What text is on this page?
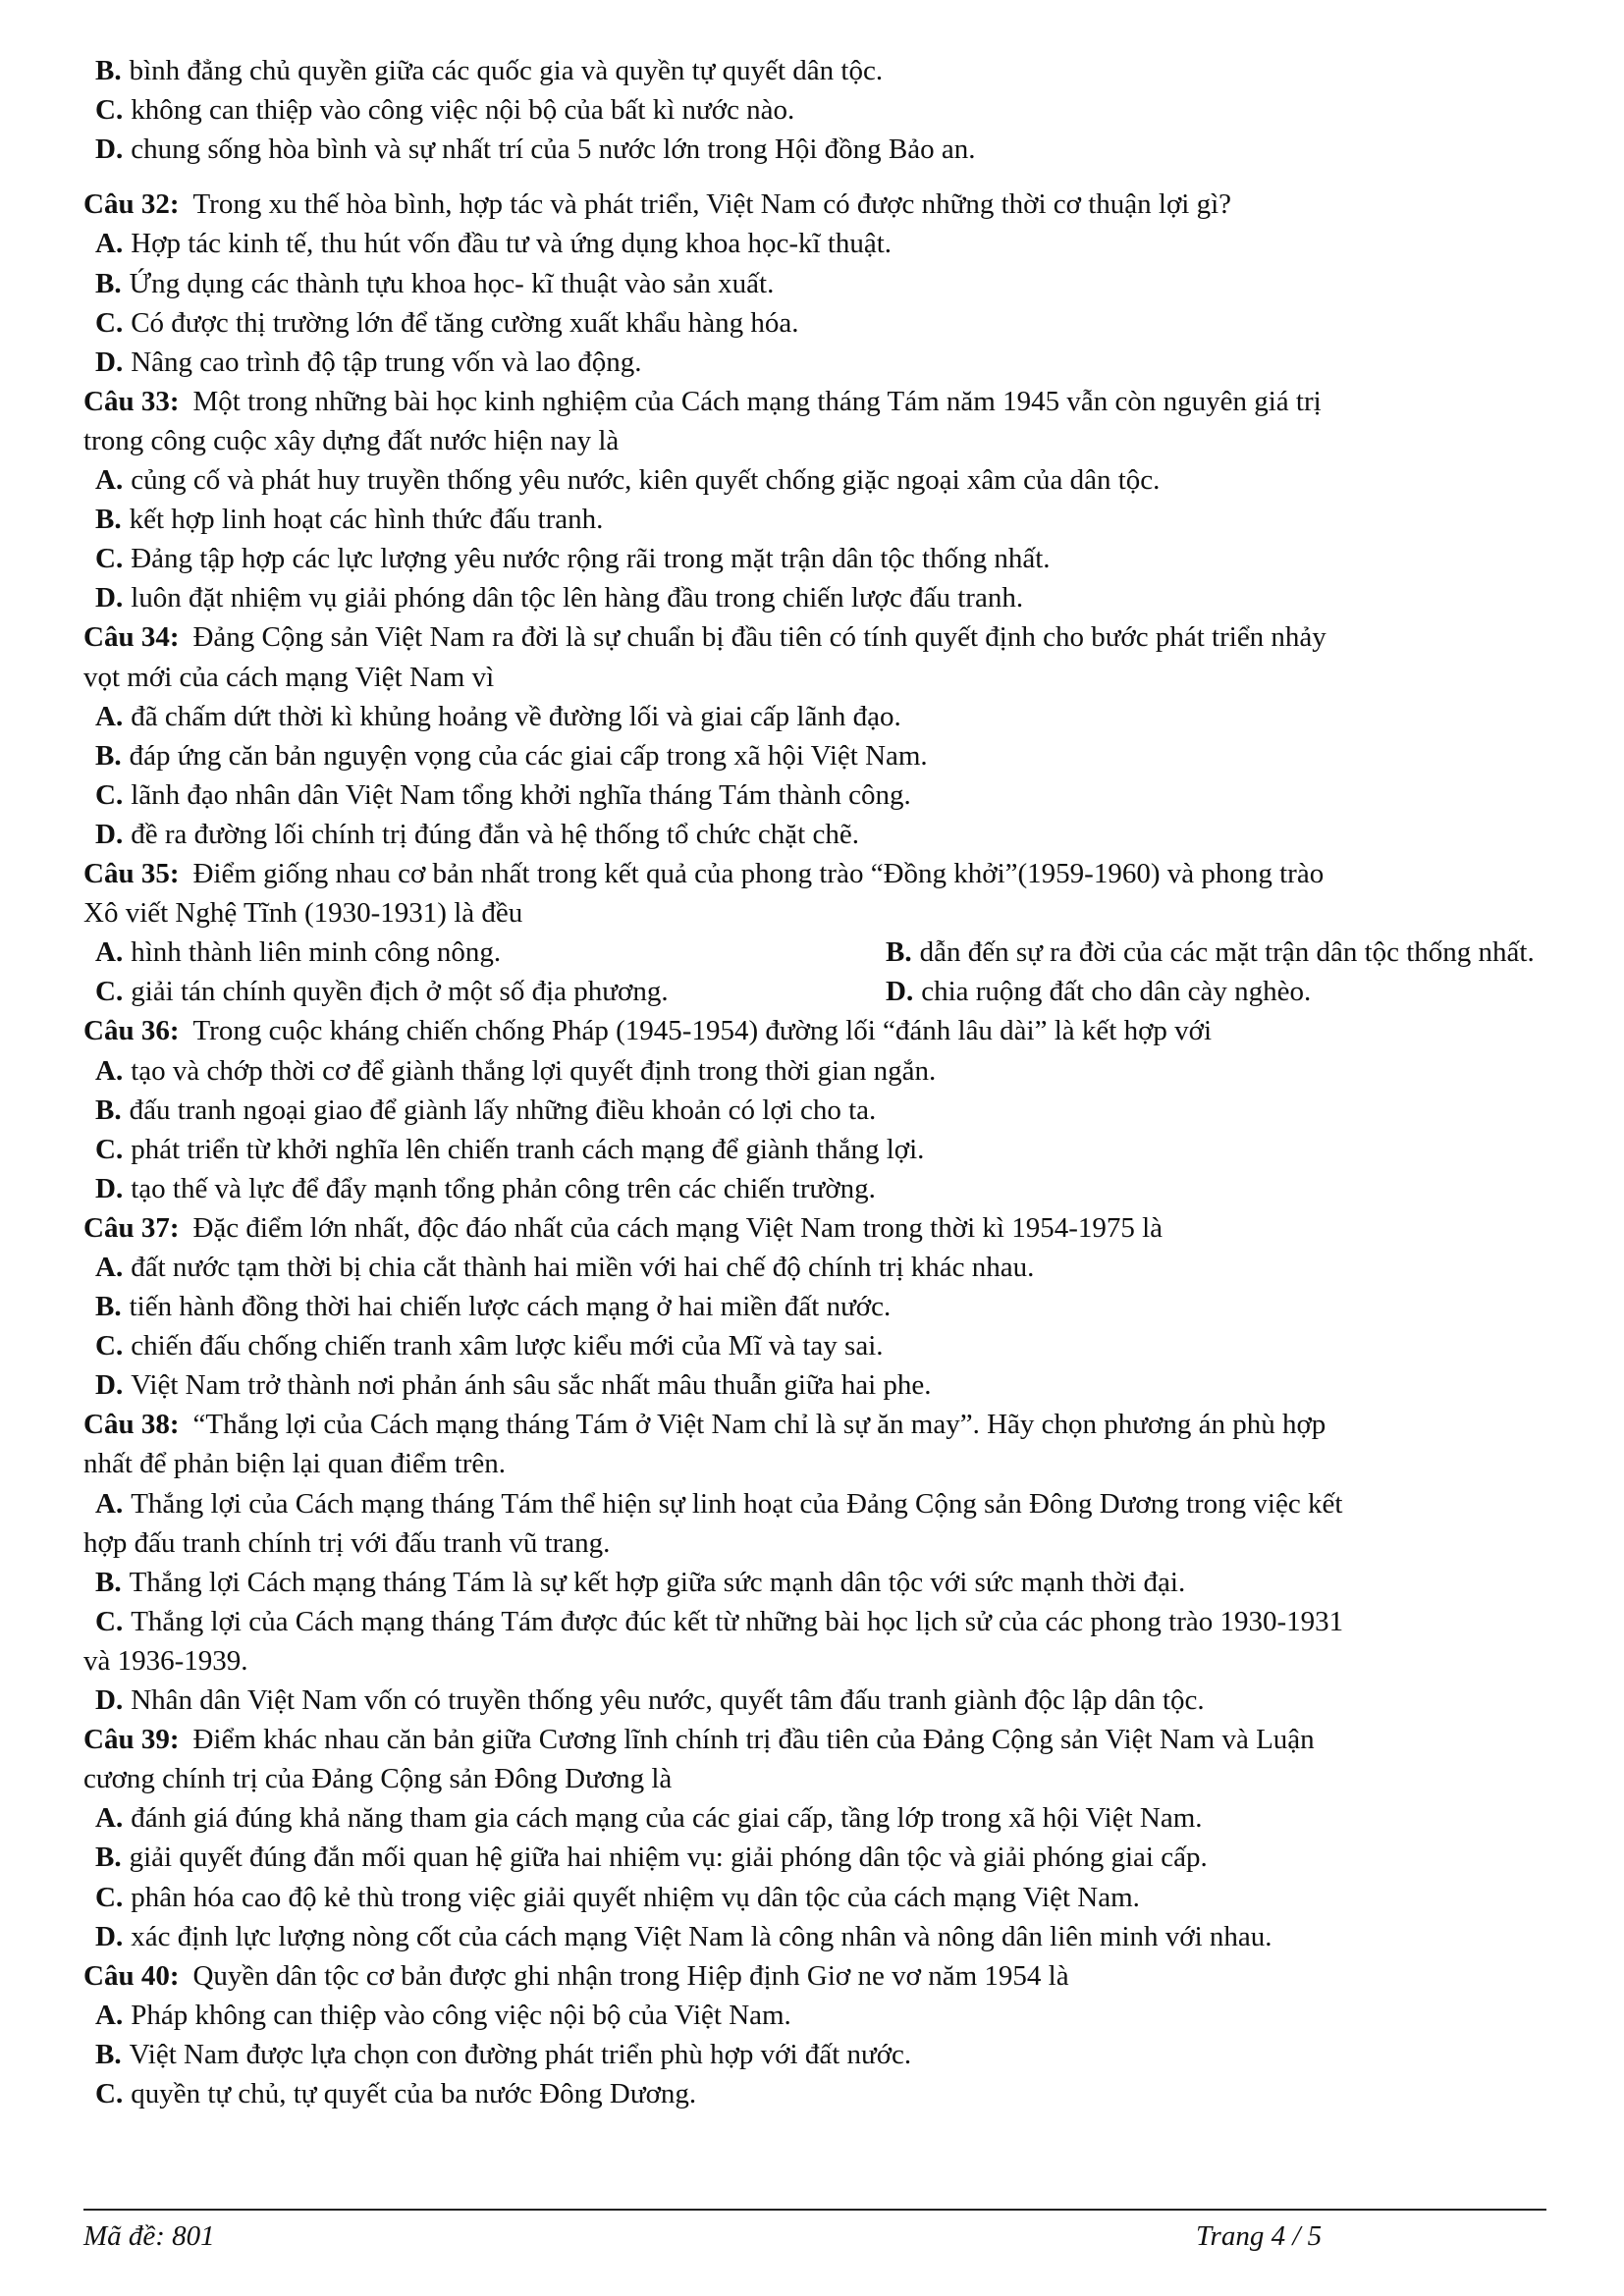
B. bình đẳng chủ quyền giữa các quốc gia và quyền tự quyết dân tộc.
C. không can thiệp vào công việc nội bộ của bất kì nước nào.
D. chung sống hòa bình và sự nhất trí của 5 nước lớn trong Hội đồng Bảo an.
Câu 32: Trong xu thế hòa bình, hợp tác và phát triển, Việt Nam có được những thời cơ thuận lợi gì?
A. Hợp tác kinh tế, thu hút vốn đầu tư và ứng dụng khoa học-kĩ thuật.
B. Ứng dụng các thành tựu khoa học- kĩ thuật vào sản xuất.
C. Có được thị trường lớn để tăng cường xuất khẩu hàng hóa.
D. Nâng cao trình độ tập trung vốn và lao động.
Câu 33: Một trong những bài học kinh nghiệm của Cách mạng tháng Tám năm 1945 vẫn còn nguyên giá trị
trong công cuộc xây dựng đất nước hiện nay là
A. củng cố và phát huy truyền thống yêu nước, kiên quyết chống giặc ngoại xâm của dân tộc.
B. kết hợp linh hoạt các hình thức đấu tranh.
C. Đảng tập hợp các lực lượng yêu nước rộng rãi trong mặt trận dân tộc thống nhất.
D. luôn đặt nhiệm vụ giải phóng dân tộc lên hàng đầu trong chiến lược đấu tranh.
Câu 34: Đảng Cộng sản Việt Nam ra đời là sự chuẩn bị đầu tiên có tính quyết định cho bước phát triển nhảy
vọt mới của cách mạng Việt Nam vì
A. đã chấm dứt thời kì khủng hoảng về đường lối và giai cấp lãnh đạo.
B. đáp ứng căn bản nguyện vọng của các giai cấp trong xã hội Việt Nam.
C. lãnh đạo nhân dân Việt Nam tổng khởi nghĩa tháng Tám thành công.
D. đề ra đường lối chính trị đúng đắn và hệ thống tổ chức chặt chẽ.
Câu 35: Điểm giống nhau cơ bản nhất trong kết quả của phong trào “Đồng khởi”(1959-1960) và phong trào
Xô viết Nghệ Tĩnh (1930-1931) là đều
A. hình thành liên minh công nông.	B. dẫn đến sự ra đời của các mặt trận dân tộc thống nhất.
C. giải tán chính quyền địch ở một số địa phương.	D. chia ruộng đất cho dân cày nghèo.
Câu 36: Trong cuộc kháng chiến chống Pháp (1945-1954) đường lối “đánh lâu dài” là kết hợp với
A. tạo và chớp thời cơ để giành thắng lợi quyết định trong thời gian ngắn.
B. đấu tranh ngoại giao để giành lấy những điều khoản có lợi cho ta.
C. phát triển từ khởi nghĩa lên chiến tranh cách mạng để giành thắng lợi.
D. tạo thế và lực để đẩy mạnh tổng phản công trên các chiến trường.
Câu 37: Đặc điểm lớn nhất, độc đáo nhất của cách mạng Việt Nam trong thời kì 1954-1975 là
A. đất nước tạm thời bị chia cắt thành hai miền với hai chế độ chính trị khác nhau.
B. tiến hành đồng thời hai chiến lược cách mạng ở hai miền đất nước.
C. chiến đấu chống chiến tranh xâm lược kiểu mới của Mĩ và tay sai.
D. Việt Nam trở thành nơi phản ánh sâu sắc nhất mâu thuẫn giữa hai phe.
Câu 38: “Thắng lợi của Cách mạng tháng Tám ở Việt Nam chỉ là sự ăn may”. Hãy chọn phương án phù hợp
nhất để phản biện lại quan điểm trên.
A. Thắng lợi của Cách mạng tháng Tám thể hiện sự linh hoạt của Đảng Cộng sản Đông Dương trong việc kết
hợp đấu tranh chính trị với đấu tranh vũ trang.
B. Thắng lợi Cách mạng tháng Tám là sự kết hợp giữa sức mạnh dân tộc với sức mạnh thời đại.
C. Thắng lợi của Cách mạng tháng Tám được đúc kết từ những bài học lịch sử của các phong trào 1930-1931
và 1936-1939.
D. Nhân dân Việt Nam vốn có truyền thống yêu nước, quyết tâm đấu tranh giành độc lập dân tộc.
Câu 39: Điểm khác nhau căn bản giữa Cương lĩnh chính trị đầu tiên của Đảng Cộng sản Việt Nam và Luận
cương chính trị của Đảng Cộng sản Đông Dương là
A. đánh giá đúng khả năng tham gia cách mạng của các giai cấp, tầng lớp trong xã hội Việt Nam.
B. giải quyết đúng đắn mối quan hệ giữa hai nhiệm vụ: giải phóng dân tộc và giải phóng giai cấp.
C. phân hóa cao độ kẻ thù trong việc giải quyết nhiệm vụ dân tộc của cách mạng Việt Nam.
D. xác định lực lượng nòng cốt của cách mạng Việt Nam là công nhân và nông dân liên minh với nhau.
Câu 40: Quyền dân tộc cơ bản được ghi nhận trong Hiệp định Giơ ne vơ năm 1954 là
A. Pháp không can thiệp vào công việc nội bộ của Việt Nam.
B. Việt Nam được lựa chọn con đường phát triển phù hợp với đất nước.
C. quyền tự chủ, tự quyết của ba nước Đông Dương.
Mã đề: 801	Trang 4 / 5
